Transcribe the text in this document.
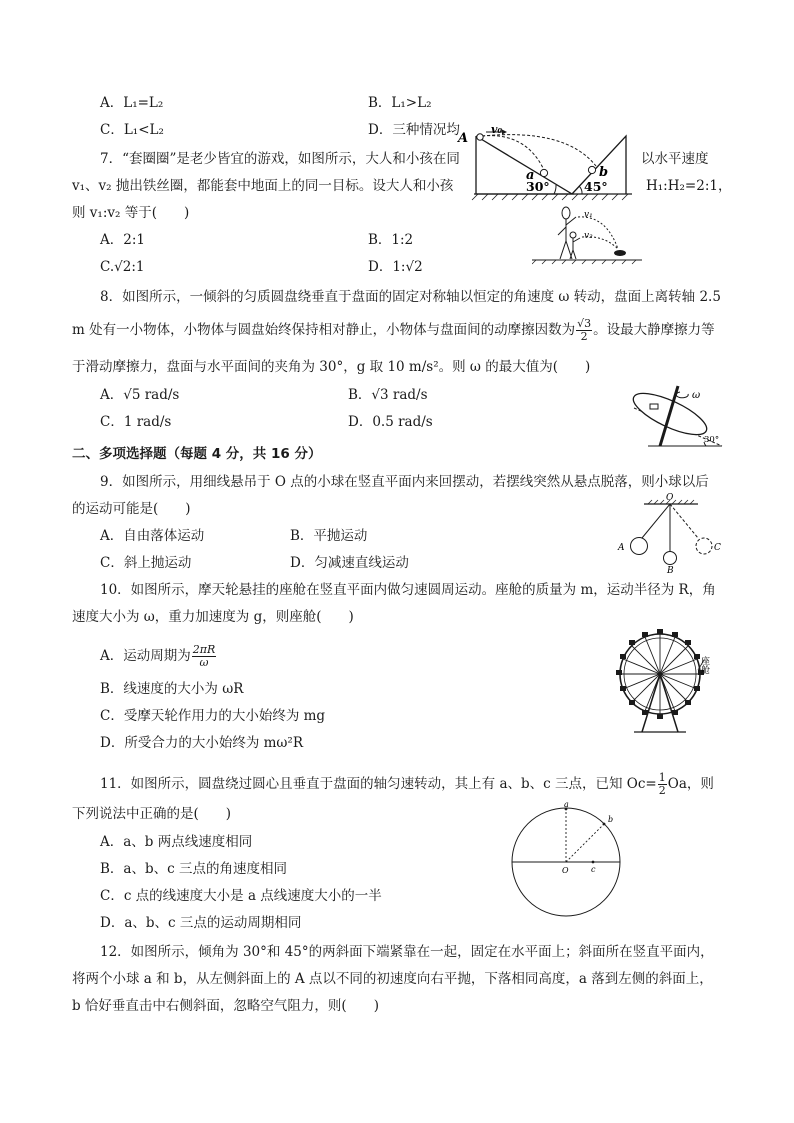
A．L₁=L₂	B．L₁>L₂
C．L₁<L₂	D．三种情况均
7．“套圈圈”是老少皆宜的游戏，如图所示，大人和小孩在同	以水平速度
v₁、v₂ 抛出铁丝圈，都能套中地面上的同一目标。设大人和小孩	H₁:H₂=2:1，
则 v₁:v₂ 等于(　　)
A．2:1	B．1:2
C.√2:1	D．1:√2
A
v₀
a	b
30°	45°
v₁
v₂
8．如图所示，一倾斜的匀质圆盘绕垂直于盘面的固定对称轴以恒定的角速度 ω 转动，盘面上离转轴 2.5
m 处有一小物体，小物体与圆盘始终保持相对静止，小物体与盘面间的动摩擦因数为 $\frac{√3}{2}$ 。设最大静摩擦力等
于滑动摩擦力，盘面与水平面间的夹角为 30°，g 取 10 m/s²。则 ω 的最大值为(　　)
A．√5 rad/s	B．√3 rad/s
C．1 rad/s	D．0.5 rad/s
ω
30°
二、多项选择题（每题 4 分，共 16 分）
9．如图所示，用细线悬吊于 O 点的小球在竖直平面内来回摆动，若摆线突然从悬点脱落，则小球以后
的运动可能是(　　)
A．自由落体运动	B．平抛运动
C．斜上抛运动	D．匀减速直线运动
O
A
B
C
10．如图所示，摩天轮悬挂的座舱在竖直平面内做匀速圆周运动。座舱的质量为 m，运动半径为 R，角
速度大小为 ω，重力加速度为 g，则座舱(　　)
A．运动周期为 $\frac{2\pi R}{\omega}$
B．线速度的大小为 ωR
C．受摩天轮作用力的大小始终为 mg
D．所受合力的大小始终为 mω²R
座舱
11．如图所示，圆盘绕过圆心且垂直于盘面的轴匀速转动，其上有 a、b、c 三点，已知 $Oc= \frac{1}{2}$ Oa，则
下列说法中正确的是(　　)
A．a、b 两点线速度相同
B．a、b、c 三点的角速度相同
C．c 点的线速度大小是 a 点线速度大小的一半
D．a、b、c 三点的运动周期相同
a
b
O	c
12．如图所示，倾角为 30°和 45°的两斜面下端紧靠在一起，固定在水平面上；斜面所在竖直平面内，
将两个小球 a 和 b，从左侧斜面上的 A 点以不同的初速度向右平抛，下落相同高度，a 落到左侧的斜面上，
b 恰好垂直击中右侧斜面，忽略空气阻力，则(　　)
